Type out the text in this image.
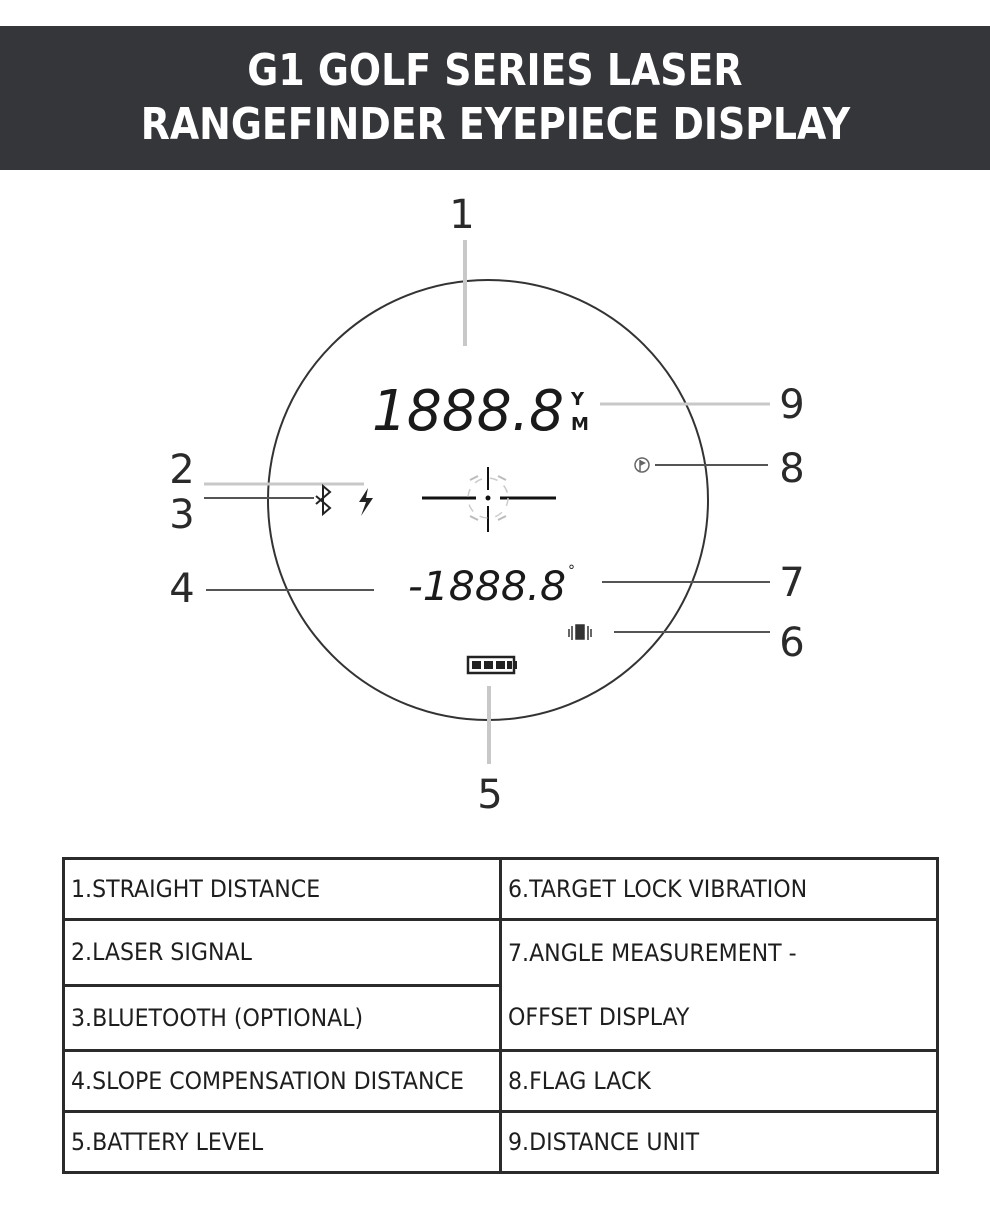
G1 GOLF SERIES LASER
RANGEFINDER EYEPIECE DISPLAY
1
1888.8 Y
M	9
8
2
3
4	-1888.8 °	7
6
5
1.STRAIGHT DISTANCE	6.TARGET LOCK VIBRATION
2.LASER SIGNAL	7.ANGLE MEASUREMENT -
OFFSET DISPLAY

3.BLUETOOTH (OPTIONAL)	
4.SLOPE COMPENSATION DISTANCE	8.FLAG LACK
5.BATTERY LEVEL	9.DISTANCE UNIT
